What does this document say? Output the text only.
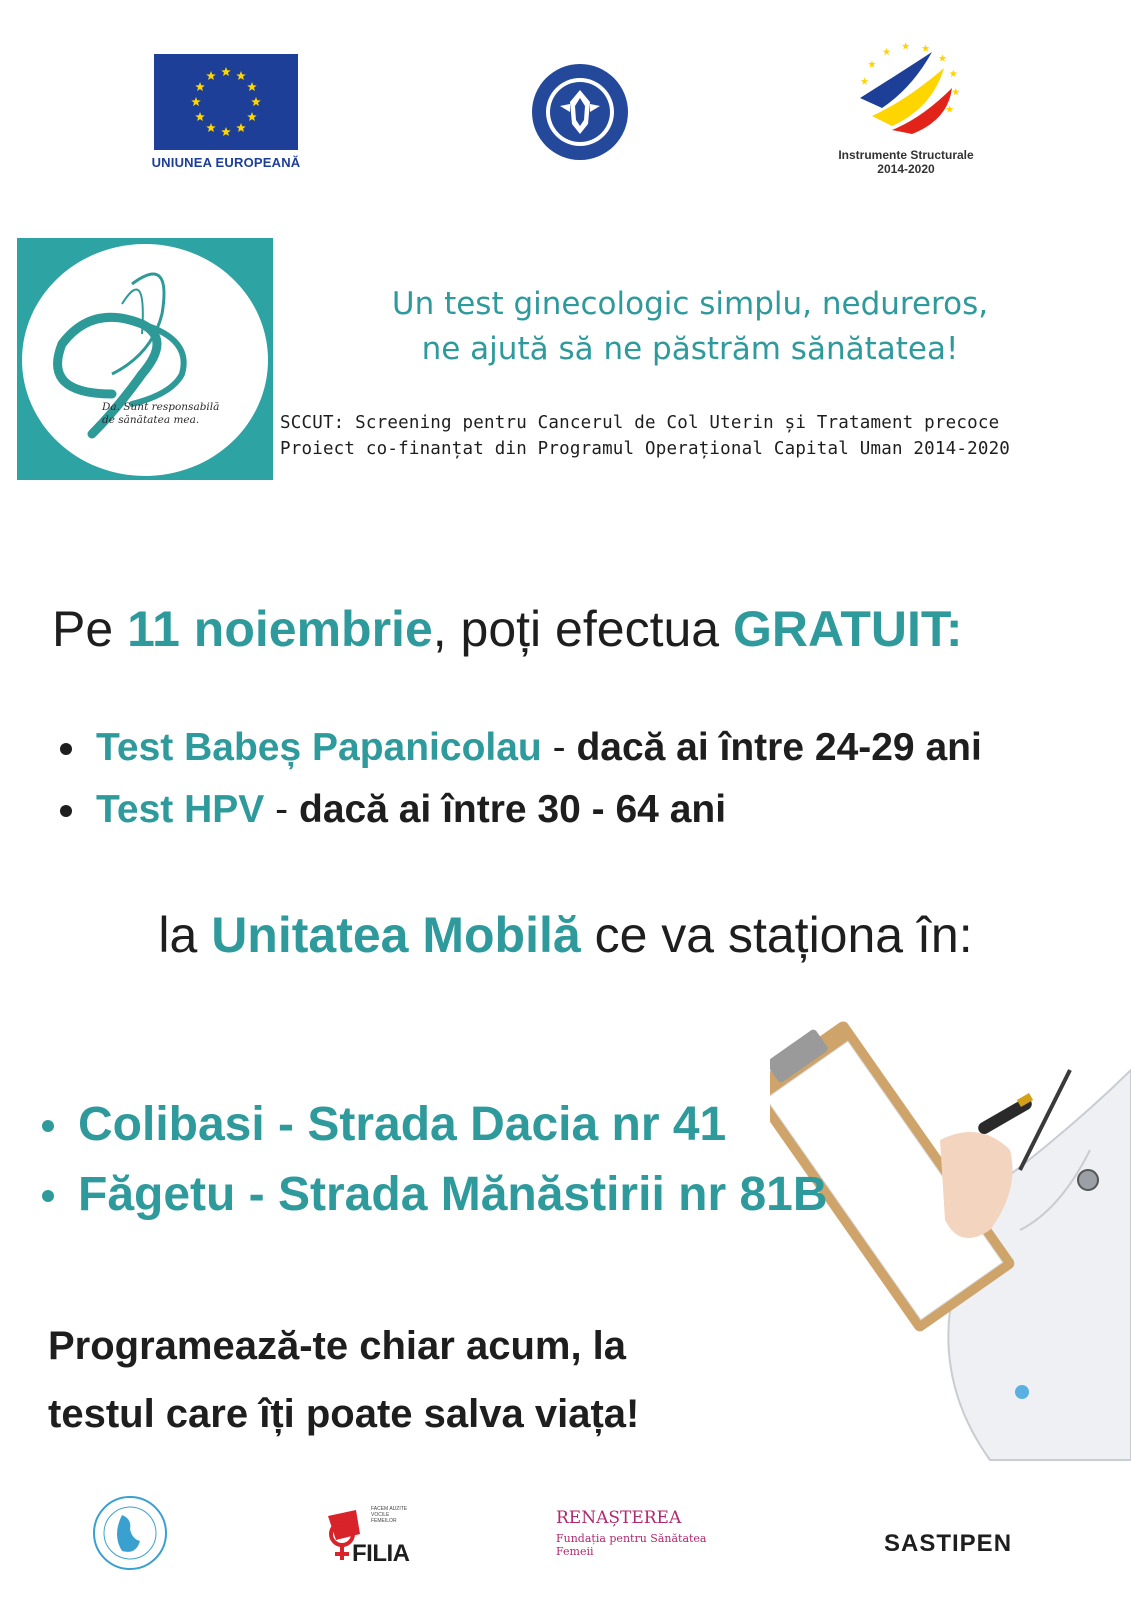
UNIUNEA EUROPEANĂ	Instrumente Structurale
2014-2020
Da. Sunt responsabilă
de sănătatea mea.
Un test ginecologic simplu, nedureros,
ne ajută să ne păstrăm sănătatea!
SCCUT: Screening pentru Cancerul de Col Uterin și Tratament precoce
Proiect co-finanțat din Programul Operațional Capital Uman 2014-2020
Pe 11 noiembrie, poți efectua GRATUIT:
Test Babeș Papanicolau - dacă ai între 24-29 ani
Test HPV - dacă ai între 30 - 64 ani
la Unitatea Mobilă ce va staționa în:
Colibasi - Strada Dacia nr 41
Făgetu - Strada Mănăstirii nr 81B
Programează-te chiar acum, la
testul care îți poate salva viața!
FACEM AUZITE VOCILE FEMEILOR
FILIA
RENAȘTEREA
Fundația pentru Sănătatea Femeii	SASTIPEN
